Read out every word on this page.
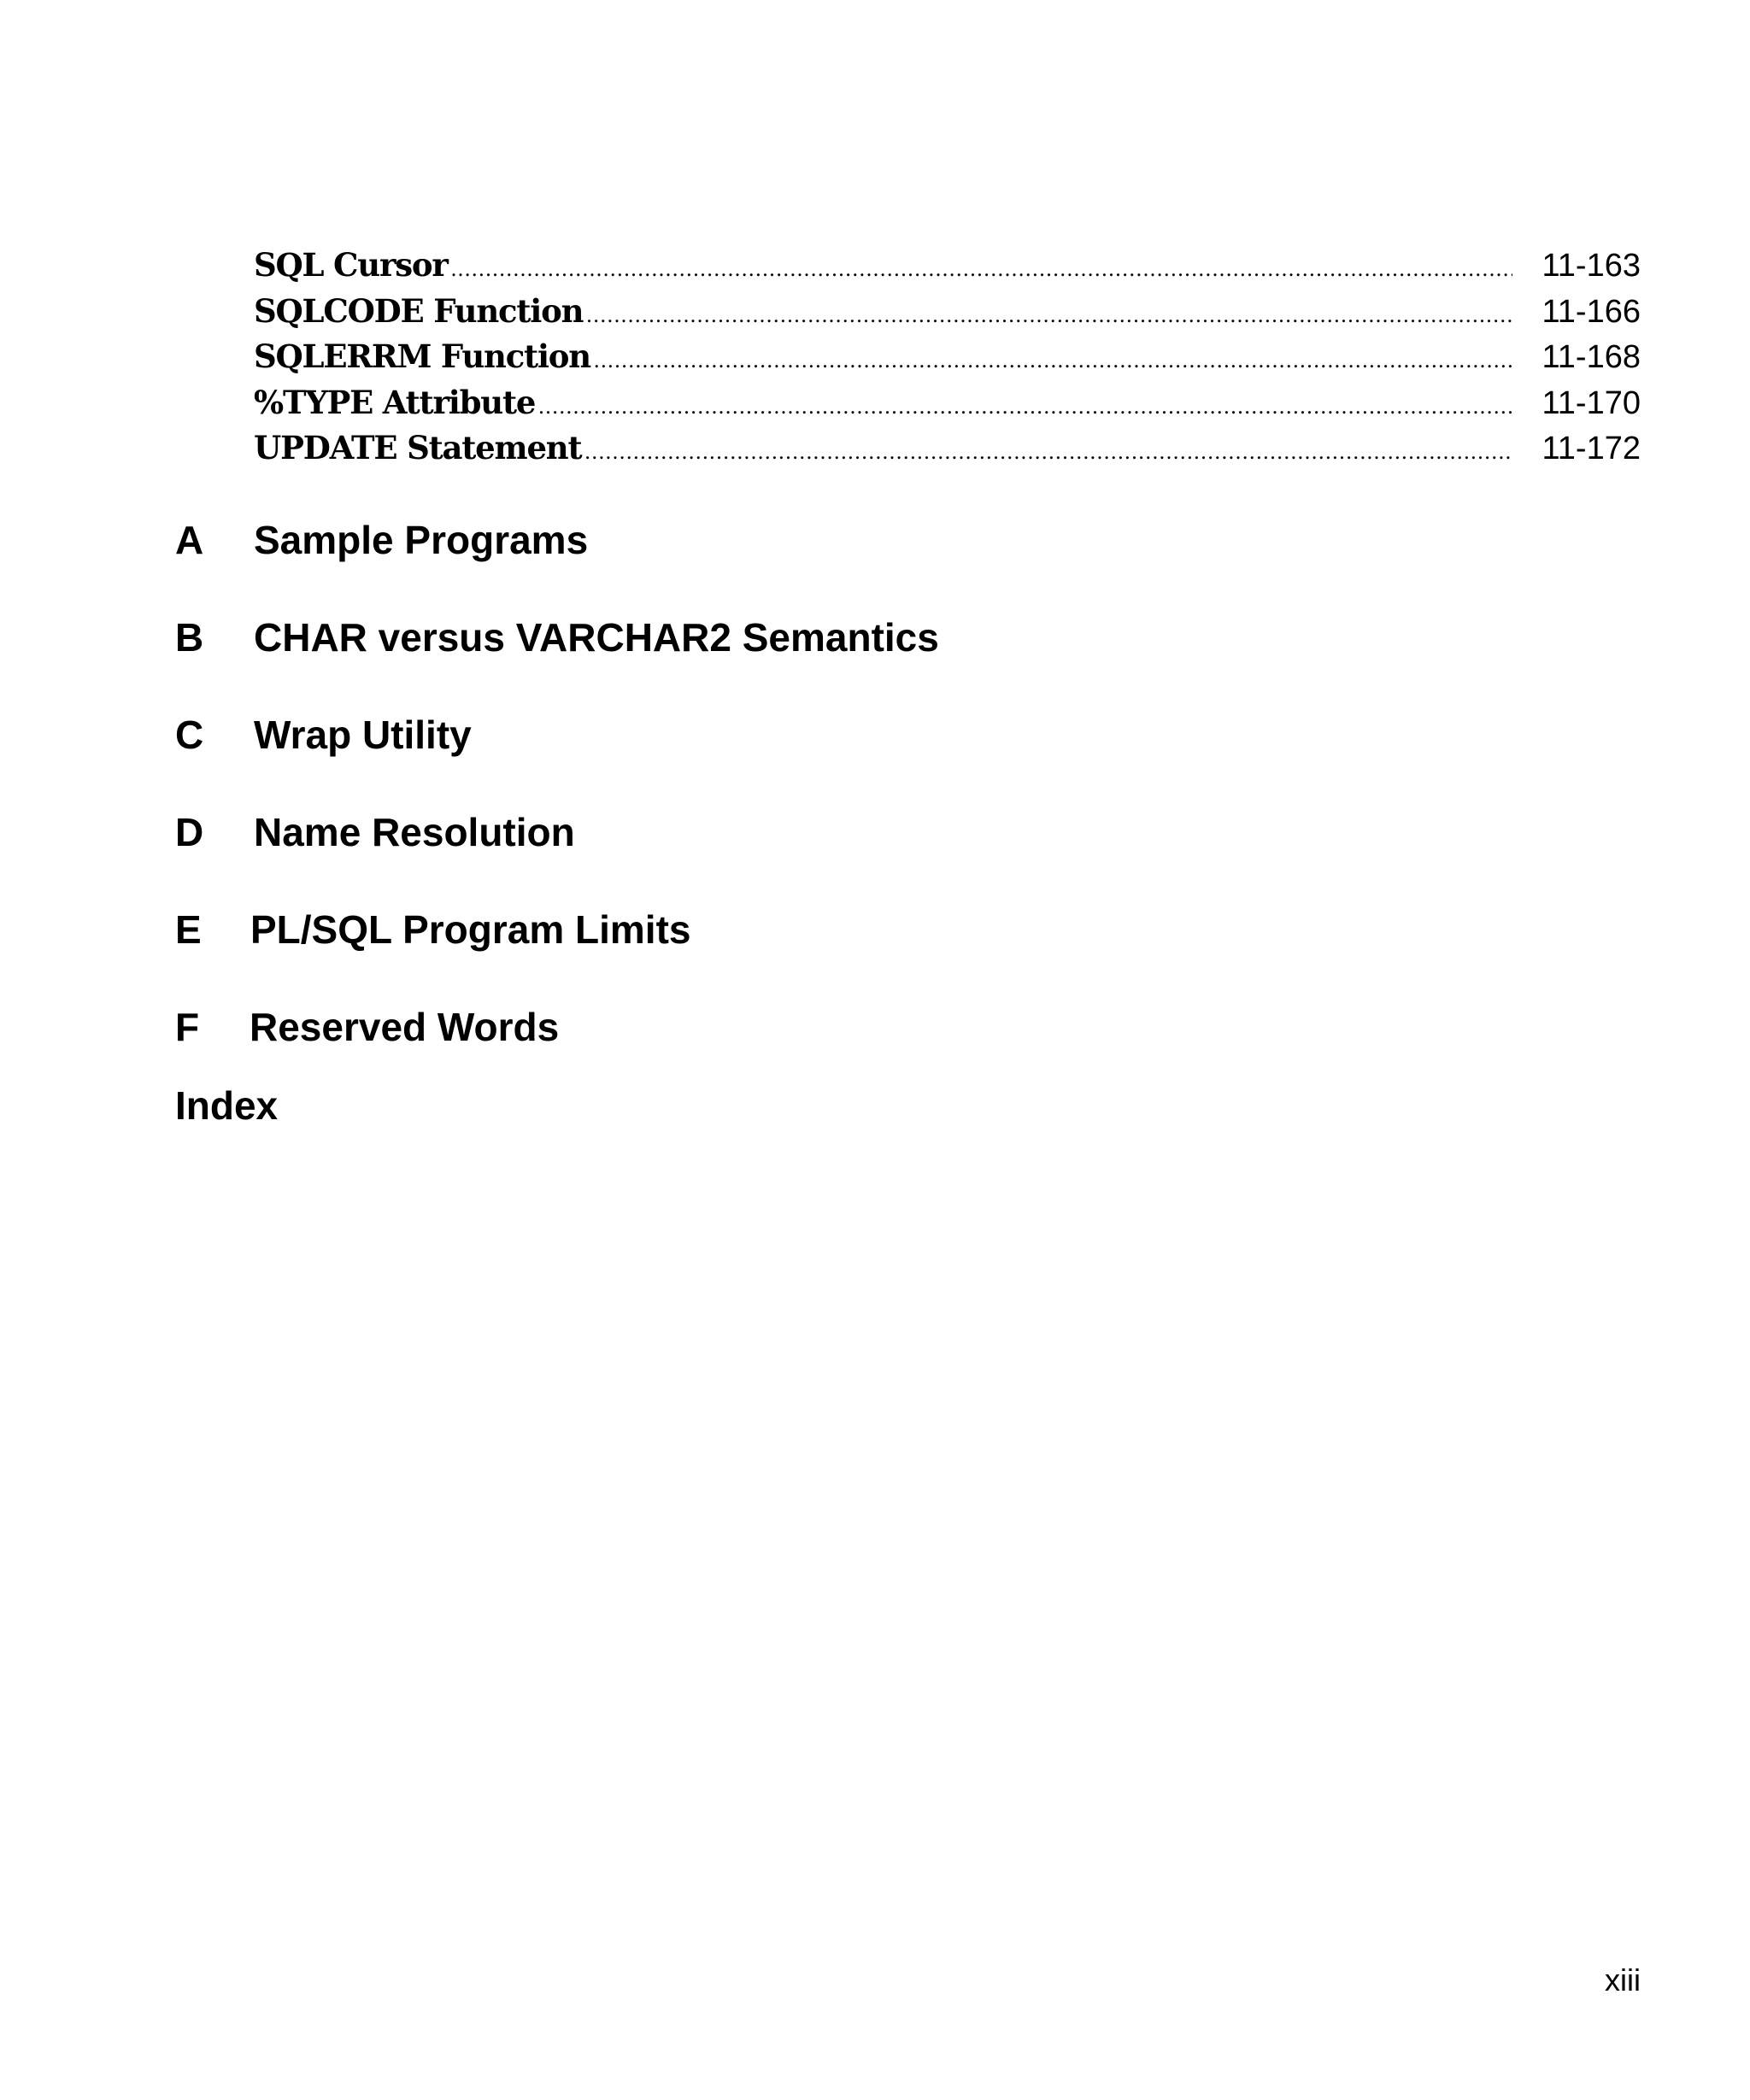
SQL Cursor .....	11-163
SQLCODE Function .....	11-166
SQLERRM Function .....	11-168
%TYPE Attribute .....	11-170
UPDATE Statement .....	11-172
A Sample Programs
B CHAR versus VARCHAR2 Semantics
C Wrap Utility
D Name Resolution
E PL/SQL Program Limits
F Reserved Words
Index
xiii
